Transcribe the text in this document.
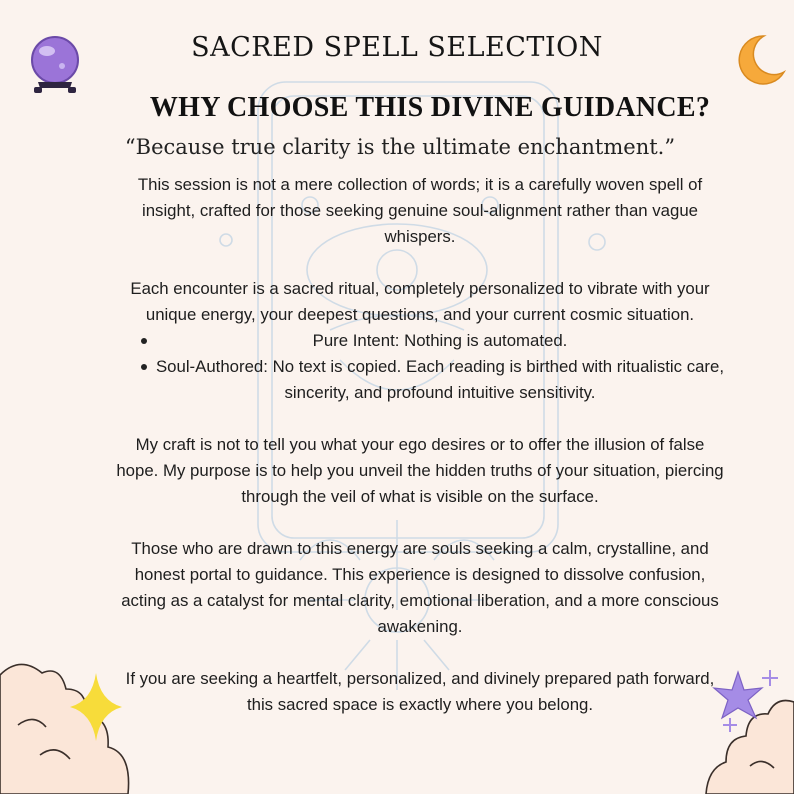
SACRED SPELL SELECTION
WHY CHOOSE THIS DIVINE GUIDANCE?
“Because true clarity is the ultimate enchantment.”

This session is not a mere collection of words; it is a carefully woven spell of insight, crafted for those seeking genuine soul-alignment rather than vague whispers.

Each encounter is a sacred ritual, completely personalized to vibrate with your unique energy, your deepest questions, and your current cosmic situation.

Pure Intent: Nothing is automated.
Soul-Authored: No text is copied. Each reading is birthed with ritualistic care, sincerity, and profound intuitive sensitivity.

My craft is not to tell you what your ego desires or to offer the illusion of false hope. My purpose is to help you unveil the hidden truths of your situation, piercing through the veil of what is visible on the surface.

Those who are drawn to this energy are souls seeking a calm, crystalline, and honest portal to guidance. This experience is designed to dissolve confusion, acting as a catalyst for mental clarity, emotional liberation, and a more conscious awakening.

If you are seeking a heartfelt, personalized, and divinely prepared path forward, this sacred space is exactly where you belong.
